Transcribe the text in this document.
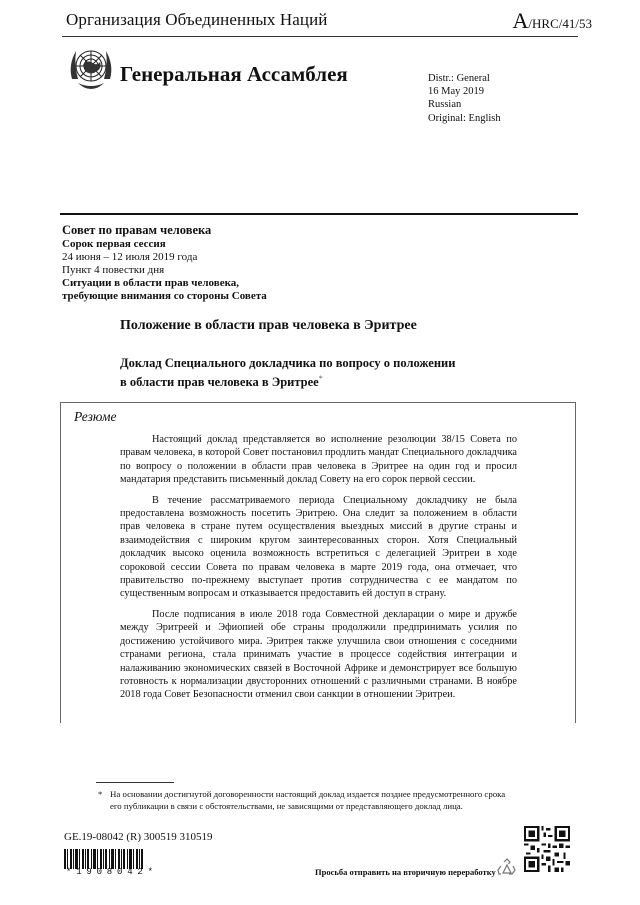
Организация Объединенных Наций	A/HRC/41/53
Генеральная Ассамблея	Distr.: General
16 May 2019
Russian
Original: English
Совет по правам человека
Сорок первая сессия
24 июня – 12 июля 2019 года
Пункт 4 повестки дня
Ситуации в области прав человека,
требующие внимания со стороны Совета
Положение в области прав человека в Эритрее
Доклад Специального докладчика по вопросу о положении
в области прав человека в Эритрее*
Резюме

Настоящий доклад представляется во исполнение резолюции 38/15 Совета по правам человека, в которой Совет постановил продлить мандат Специального докладчика по вопросу о положении в области прав человека в Эритрее на один год и просил мандатария представить письменный доклад Совету на его сорок первой сессии.

В течение рассматриваемого периода Специальному докладчику не была предоставлена возможность посетить Эритрею. Она следит за положением в области прав человека в стране путем осуществления выездных миссий в другие страны и взаимодействия с широким кругом заинтересованных сторон. Хотя Специальный докладчик высоко оценила возможность встретиться с делегацией Эритреи в ходе сороковой сессии Совета по правам человека в марте 2019 года, она отмечает, что правительство по-прежнему выступает против сотрудничества с ее мандатом по существенным вопросам и отказывается предоставить ей доступ в страну.

После подписания в июле 2018 года Совместной декларации о мире и дружбе между Эритреей и Эфиопией обе страны продолжили предпринимать усилия по достижению устойчивого мира. Эритрея также улучшила свои отношения с соседними странами региона, стала принимать участие в процессе содействия интеграции и налаживанию экономических связей в Восточной Африке и демонстрирует все большую готовность к нормализации двусторонних отношений с различными странами. В ноябре 2018 года Совет Безопасности отменил свои санкции в отношении Эритреи.

* На основании достигнутой договоренности настоящий доклад издается позднее предусмотренного срока его публикации в связи с обстоятельствами, не зависящими от представляющего доклад лица.
GE.19-08042 (R) 300519 310519
*1908042*	Просьба отправить на вторичную переработку
